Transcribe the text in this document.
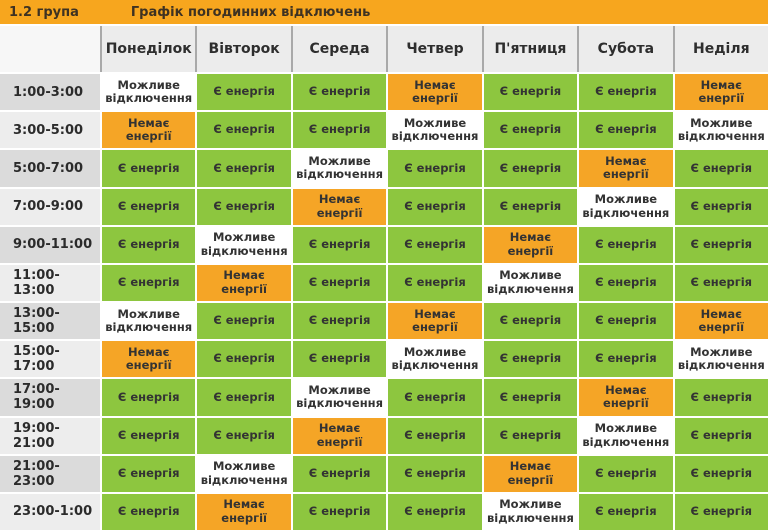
1.2 група	Графік погодинних відключень
Понеділок	Вівторок	Середа	Четвер	П'ятниця	Субота	Неділя
1:00-3:00
Можливе відключення	Є енергія	Є енергія	Немає енергії	Є енергія	Є енергія	Немає енергії
3:00-5:00
Немає енергії	Є енергія	Є енергія	Можливе відключення	Є енергія	Є енергія	Можливе відключення
5:00-7:00	Є енергія	Є енергія	Можливе відключення	Є енергія	Є енергія	Немає енергії	Є енергія
7:00-9:00	Є енергія	Є енергія	Немає енергії	Є енергія	Є енергія	Можливе відключення	Є енергія
9:00-11:00	Є енергія	Можливе відключення	Є енергія	Є енергія	Немає енергії	Є енергія	Є енергія
11:00-13:00
Є енергія	Немає енергії	Є енергія	Є енергія	Можливе відключення	Є енергія	Є енергія
13:00-15:00
Можливе відключення	Є енергія	Є енергія	Немає енергії	Є енергія	Є енергія	Немає енергії
15:00-17:00
Немає енергії	Є енергія	Є енергія	Можливе відключення	Є енергія	Є енергія	Можливе відключення
17:00-19:00
Є енергія	Є енергія	Можливе відключення	Є енергія	Є енергія	Немає енергії	Є енергія
19:00-21:00
Є енергія	Є енергія	Немає енергії	Є енергія	Є енергія	Можливе відключення	Є енергія
21:00-23:00
Є енергія	Можливе відключення	Є енергія	Є енергія	Немає енергії	Є енергія	Є енергія
23:00-1:00	Є енергія	Немає енергії	Є енергія	Є енергія	Можливе відключення	Є енергія	Є енергія
